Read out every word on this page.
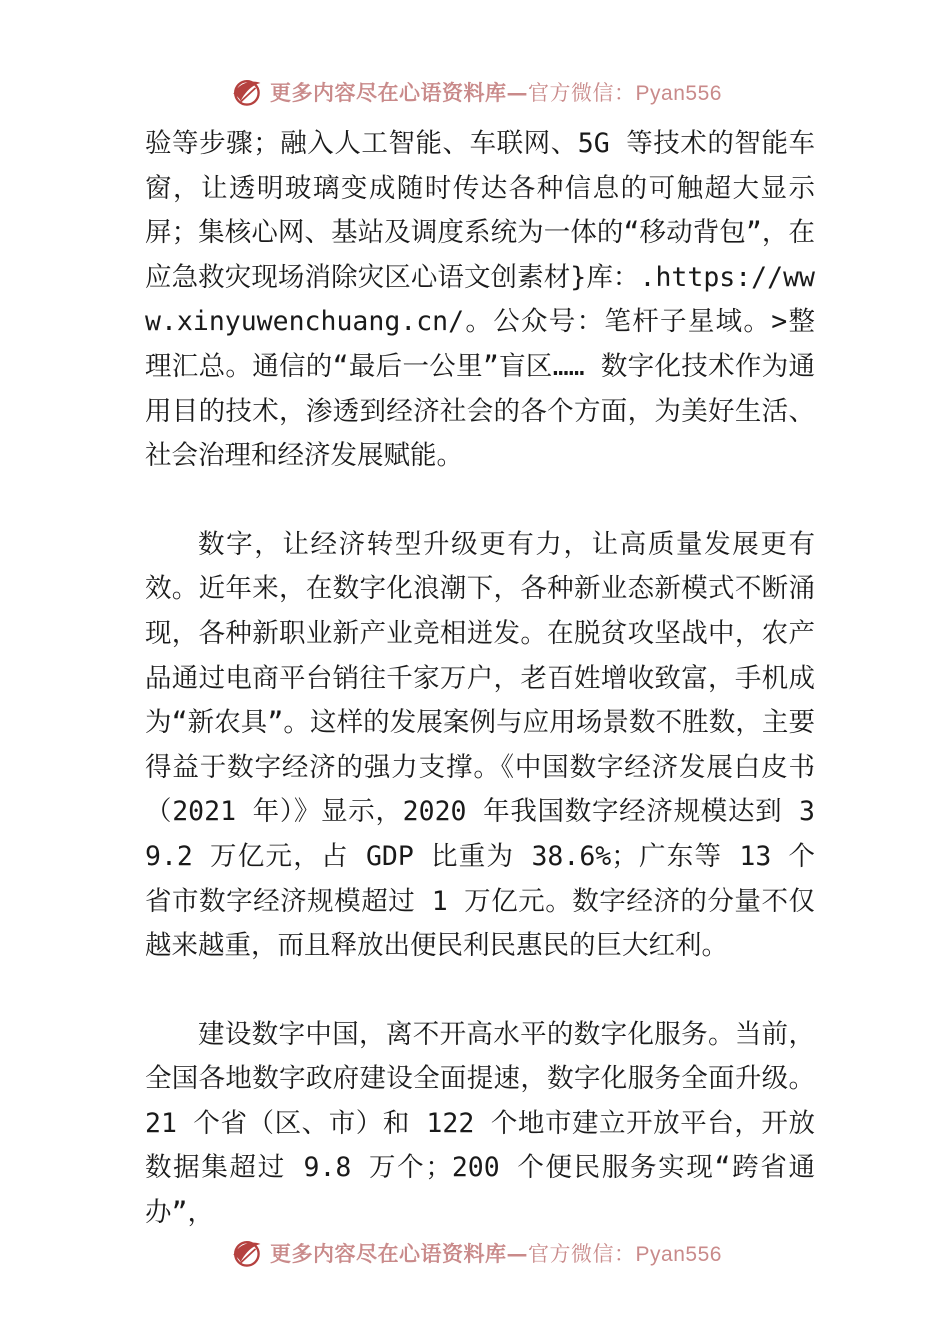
更多内容尽在心语资料库—官方微信：Pyan556

验等步骤；融入人工智能、车联网、5G 等技术的智能车窗，让透明玻璃变成随时传达各种信息的可触超大显示屏；集核心网、基站及调度系统为一体的“移动背包”，在应急救灾现场消除灾区心语文创素材}库：.https://www.xinyuwenchuang.cn/。公众号：笔杆子星域。>整理汇总。通信的“最后一公里”盲区…… 数字化技术作为通用目的技术，渗透到经济社会的各个方面，为美好生活、社会治理和经济发展赋能。

数字，让经济转型升级更有力，让高质量发展更有效。近年来，在数字化浪潮下，各种新业态新模式不断涌现，各种新职业新产业竞相迸发。在脱贫攻坚战中，农产品通过电商平台销往千家万户，老百姓增收致富，手机成为“新农具”。这样的发展案例与应用场景数不胜数，主要得益于数字经济的强力支撑。《中国数字经济发展白皮书（2021 年）》显示，2020 年我国数字经济规模达到 39.2 万亿元，占 GDP 比重为 38.6%；广东等 13 个省市数字经济规模超过 1 万亿元。数字经济的分量不仅越来越重，而且释放出便民利民惠民的巨大红利。

建设数字中国，离不开高水平的数字化服务。当前，全国各地数字政府建设全面提速，数字化服务全面升级。21 个省（区、市）和 122 个地市建立开放平台，开放数据集超过 9.8 万个；200 个便民服务实现“跨省通办”，

更多内容尽在心语资料库—官方微信：Pyan556
